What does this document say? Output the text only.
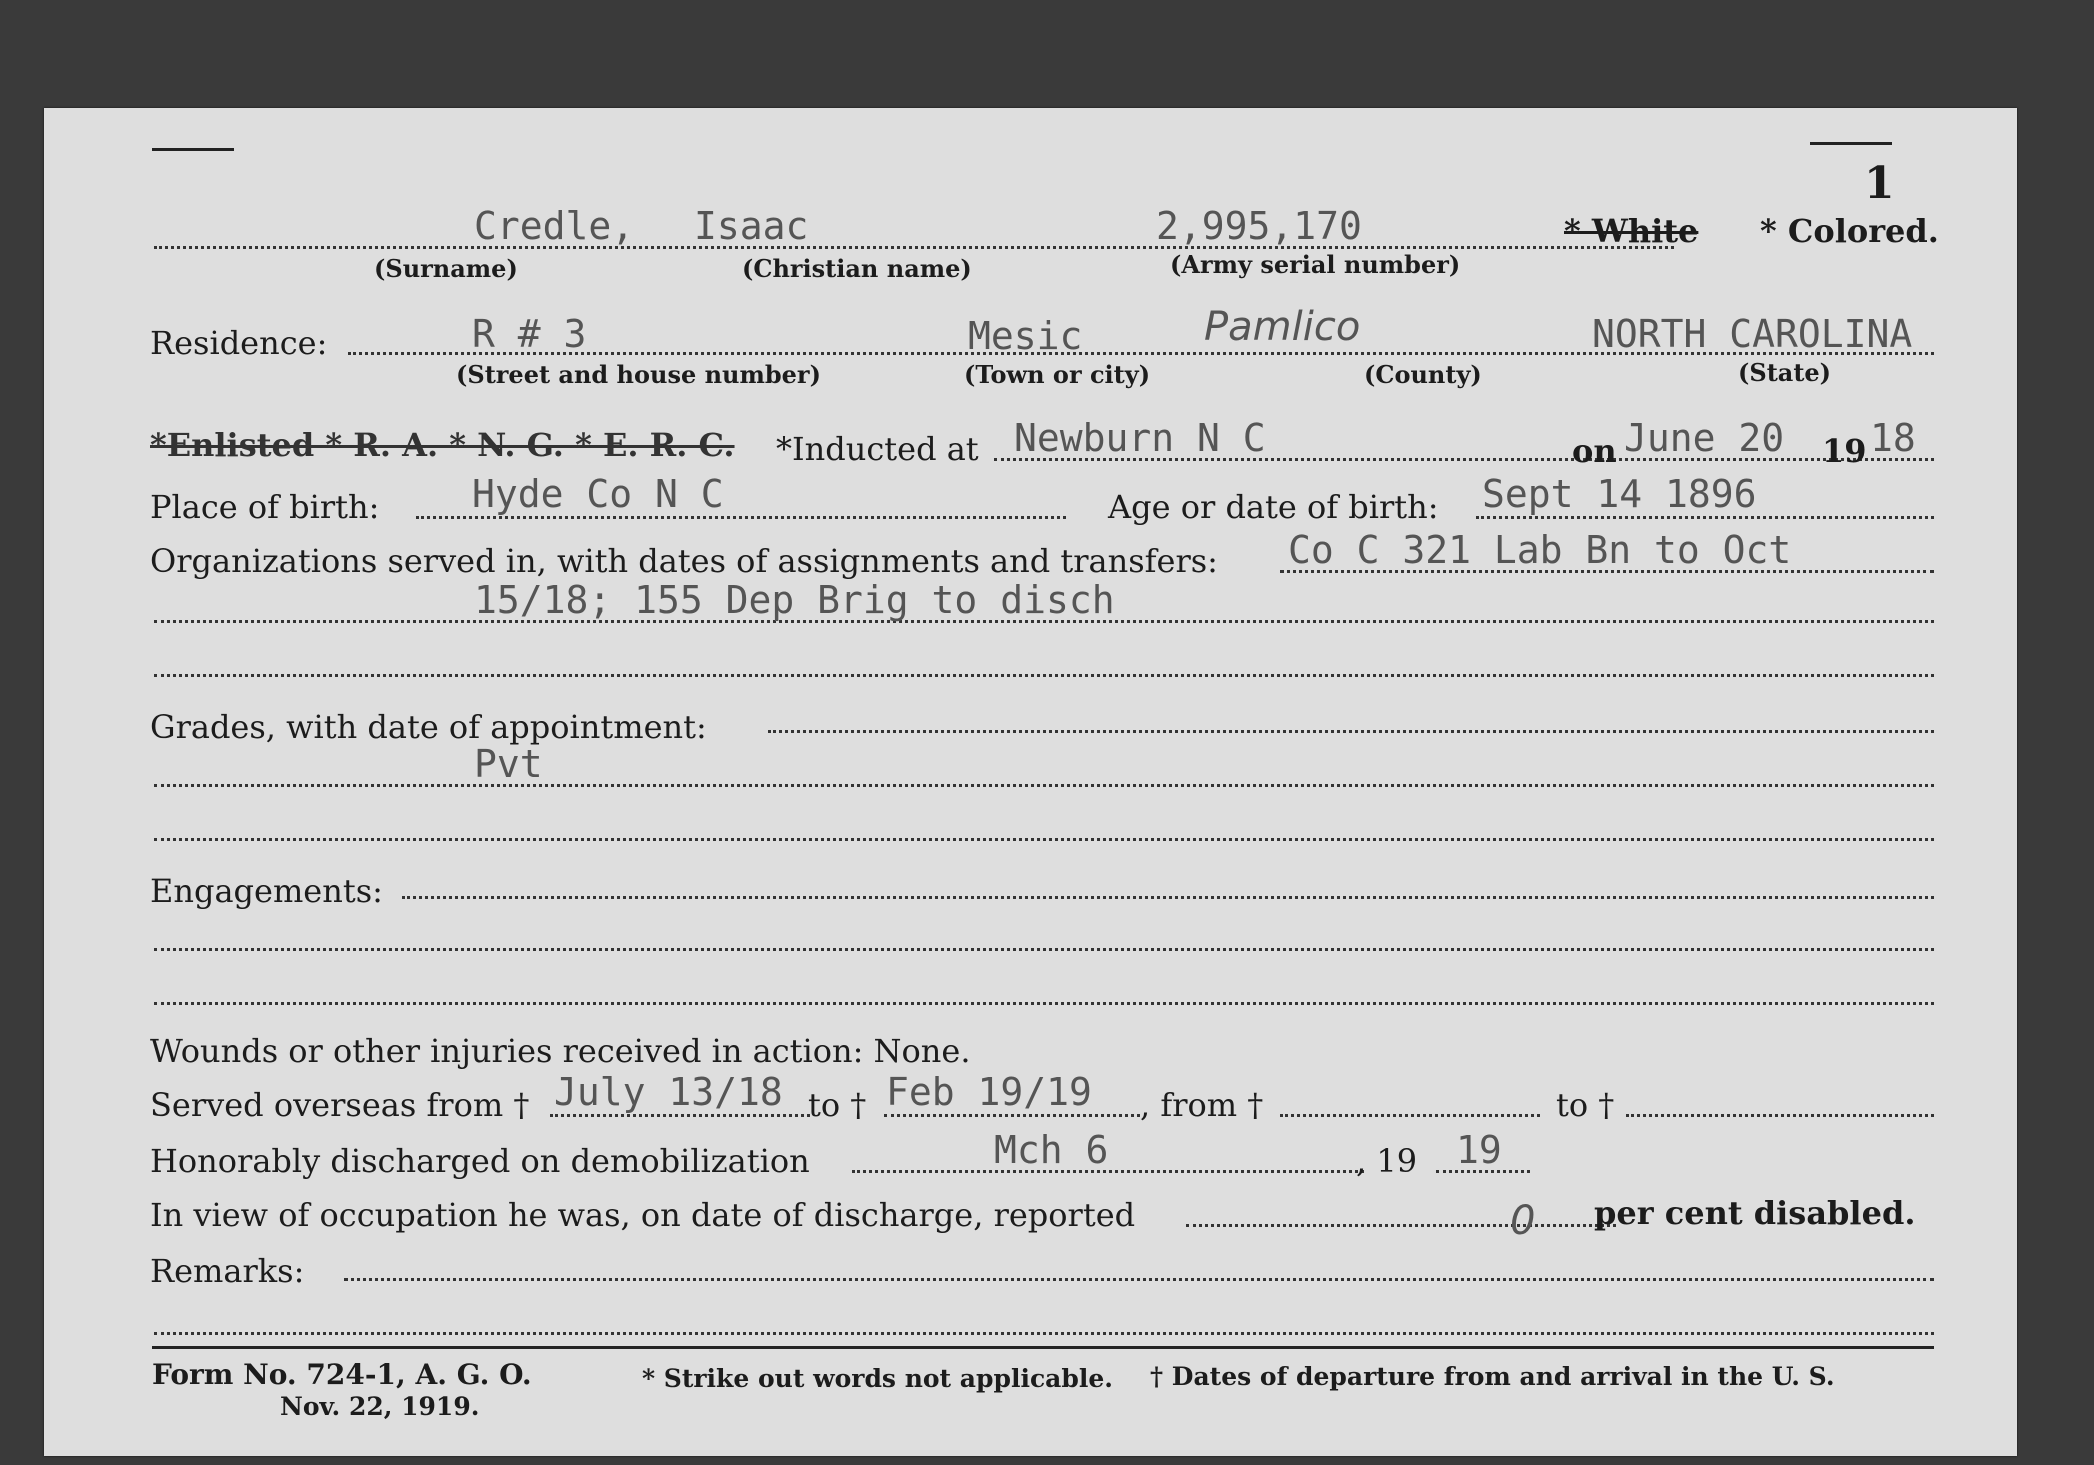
1
Credle, Isaac	2,995,170	* White * Colored.
(Surname)	(Christian name)	(Army serial number)
Residence:	R # 3	Mesic	Pamlico	NORTH CAROLINA
(Street and house number)	(Town or city)	(County)	(State)
*Enlisted * R. A. * N. G. * E. R. C. *Inducted at Newburn N C	on June 20 19 18
Place of birth: Hyde Co N C	Age or date of birth: Sept 14 1896
Organizations served in, with dates of assignments and transfers: Co C 321 Lab Bn to Oct
15/18; 155 Dep Brig to disch
Grades, with date of appointment:
Pvt
Engagements:
Wounds or other injuries received in action: None.
Served overseas from † July 13/18 to † Feb 19/19 , from †	to †
Honorably discharged on demobilization	Mch 6	, 19 19
In view of occupation he was, on date of discharge, reported	0 per cent disabled.
Remarks:
Form No. 724-1, A. G. O.
Nov. 22, 1919.
* Strike out words not applicable. † Dates of departure from and arrival in the U. S.
